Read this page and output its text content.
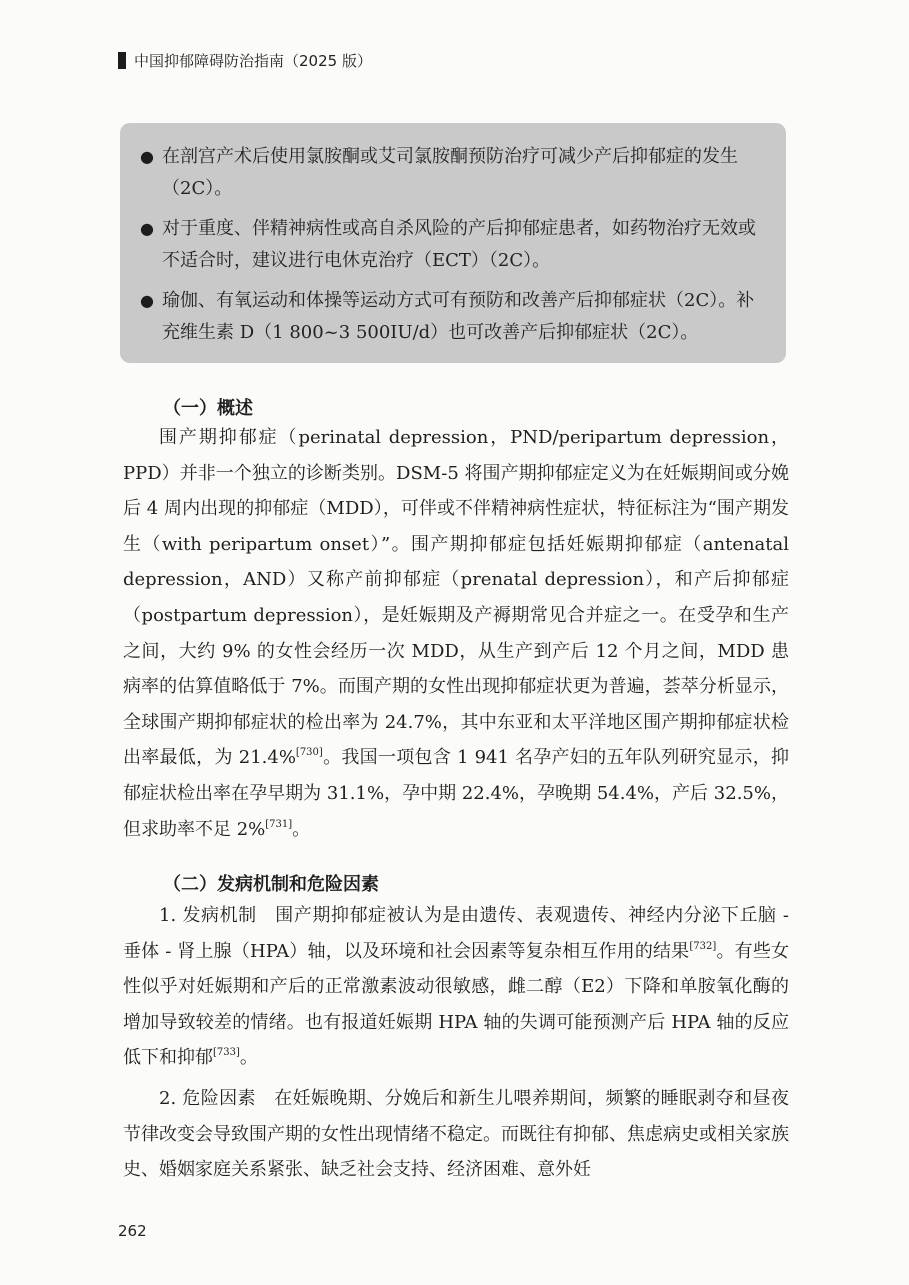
中国抑郁障碍防治指南（2025 版）
● 在剖宫产术后使用氯胺酮或艾司氯胺酮预防治疗可减少产后抑郁症的发生（2C）。
● 对于重度、伴精神病性或高自杀风险的产后抑郁症患者，如药物治疗无效或不适合时，建议进行电休克治疗（ECT）（2C）。
● 瑜伽、有氧运动和体操等运动方式可有预防和改善产后抑郁症状（2C）。补充维生素 D（1 800~3 500IU/d）也可改善产后抑郁症状（2C）。
（一）概述
围产期抑郁症（perinatal depression，PND/peripartum depression，PPD）并非一个独立的诊断类别。DSM-5 将围产期抑郁症定义为在妊娠期间或分娩后 4 周内出现的抑郁症（MDD），可伴或不伴精神病性症状，特征标注为“围产期发生（with peripartum onset）”。围产期抑郁症包括妊娠期抑郁症（antenatal depression，AND）又称产前抑郁症（prenatal depression），和产后抑郁症（postpartum depression），是妊娠期及产褥期常见合并症之一。在受孕和生产之间，大约 9% 的女性会经历一次 MDD，从生产到产后 12 个月之间，MDD 患病率的估算值略低于 7%。而围产期的女性出现抑郁症状更为普遍，荟萃分析显示，全球围产期抑郁症状的检出率为 24.7%，其中东亚和太平洋地区围产期抑郁症状检出率最低，为 21.4%[730]。我国一项包含 1 941 名孕产妇的五年队列研究显示，抑郁症状检出率在孕早期为 31.1%，孕中期 22.4%，孕晚期 54.4%，产后 32.5%，但求助率不足 2%[731]。
（二）发病机制和危险因素
1. 发病机制　围产期抑郁症被认为是由遗传、表观遗传、神经内分泌下丘脑 - 垂体 - 肾上腺（HPA）轴，以及环境和社会因素等复杂相互作用的结果[732]。有些女性似乎对妊娠期和产后的正常激素波动很敏感，雌二醇（E2）下降和单胺氧化酶的增加导致较差的情绪。也有报道妊娠期 HPA 轴的失调可能预测产后 HPA 轴的反应低下和抑郁[733]。
2. 危险因素　在妊娠晚期、分娩后和新生儿喂养期间，频繁的睡眠剥夺和昼夜节律改变会导致围产期的女性出现情绪不稳定。而既往有抑郁、焦虑病史或相关家族史、婚姻家庭关系紧张、缺乏社会支持、经济困难、意外妊
262
